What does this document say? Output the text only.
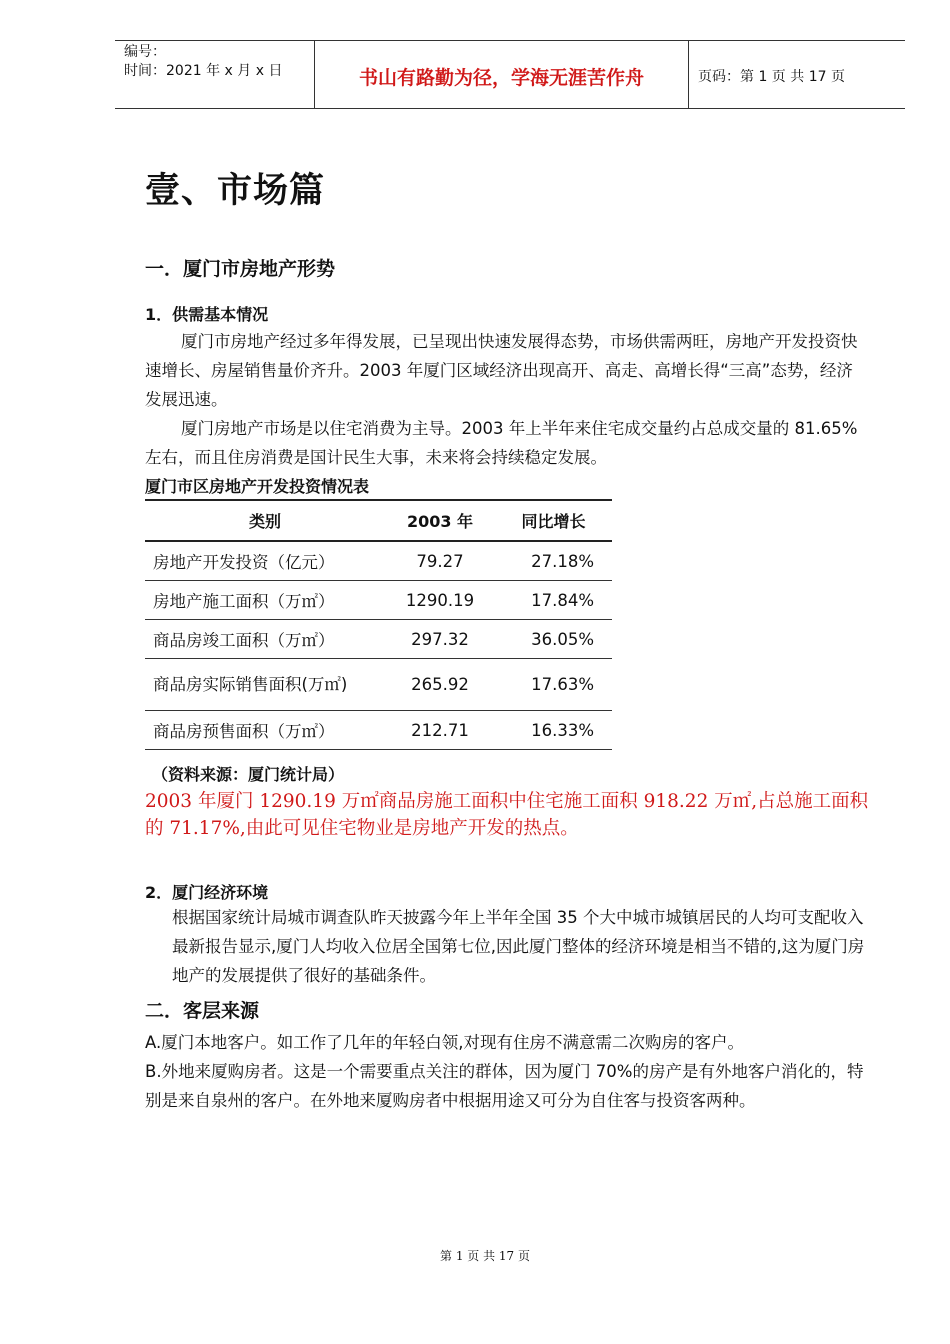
编号：
时间：2021 年 x 月 x 日	书山有路勤为径，学海无涯苦作舟	页码：第 1 页 共 17 页
壹、市场篇
一．厦门市房地产形势
1．供需基本情况
厦门市房地产经过多年得发展，已呈现出快速发展得态势，市场供需两旺，房地产开发投资快速增长、房屋销售量价齐升。2003 年厦门区域经济出现高开、高走、高增长得“三高”态势，经济发展迅速。
厦门房地产市场是以住宅消费为主导。2003 年上半年来住宅成交量约占总成交量的 81.65%左右，而且住房消费是国计民生大事，未来将会持续稳定发展。
厦门市区房地产开发投资情况表
类别	2003 年	同比增长
房地产开发投资（亿元）	79.27	27.18%
房地产施工面积（万㎡）	1290.19	17.84%
商品房竣工面积（万㎡）	297.32	36.05%
商品房实际销售面积(万㎡)	265.92	17.63%
商品房预售面积（万㎡）	212.71	16.33%
（资料来源：厦门统计局）
2003 年厦门 1290.19 万㎡商品房施工面积中住宅施工面积 918.22 万㎡,占总施工面积的 71.17%,由此可见住宅物业是房地产开发的热点。
2．厦门经济环境
根据国家统计局城市调查队昨天披露今年上半年全国 35 个大中城市城镇居民的人均可支配收入最新报告显示,厦门人均收入位居全国第七位,因此厦门整体的经济环境是相当不错的,这为厦门房地产的发展提供了很好的基础条件。
二．客层来源
A.厦门本地客户。如工作了几年的年轻白领,对现有住房不满意需二次购房的客户。
B.外地来厦购房者。这是一个需要重点关注的群体，因为厦门 70%的房产是有外地客户消化的，特别是来自泉州的客户。在外地来厦购房者中根据用途又可分为自住客与投资客两种。
第 1 页 共 17 页
